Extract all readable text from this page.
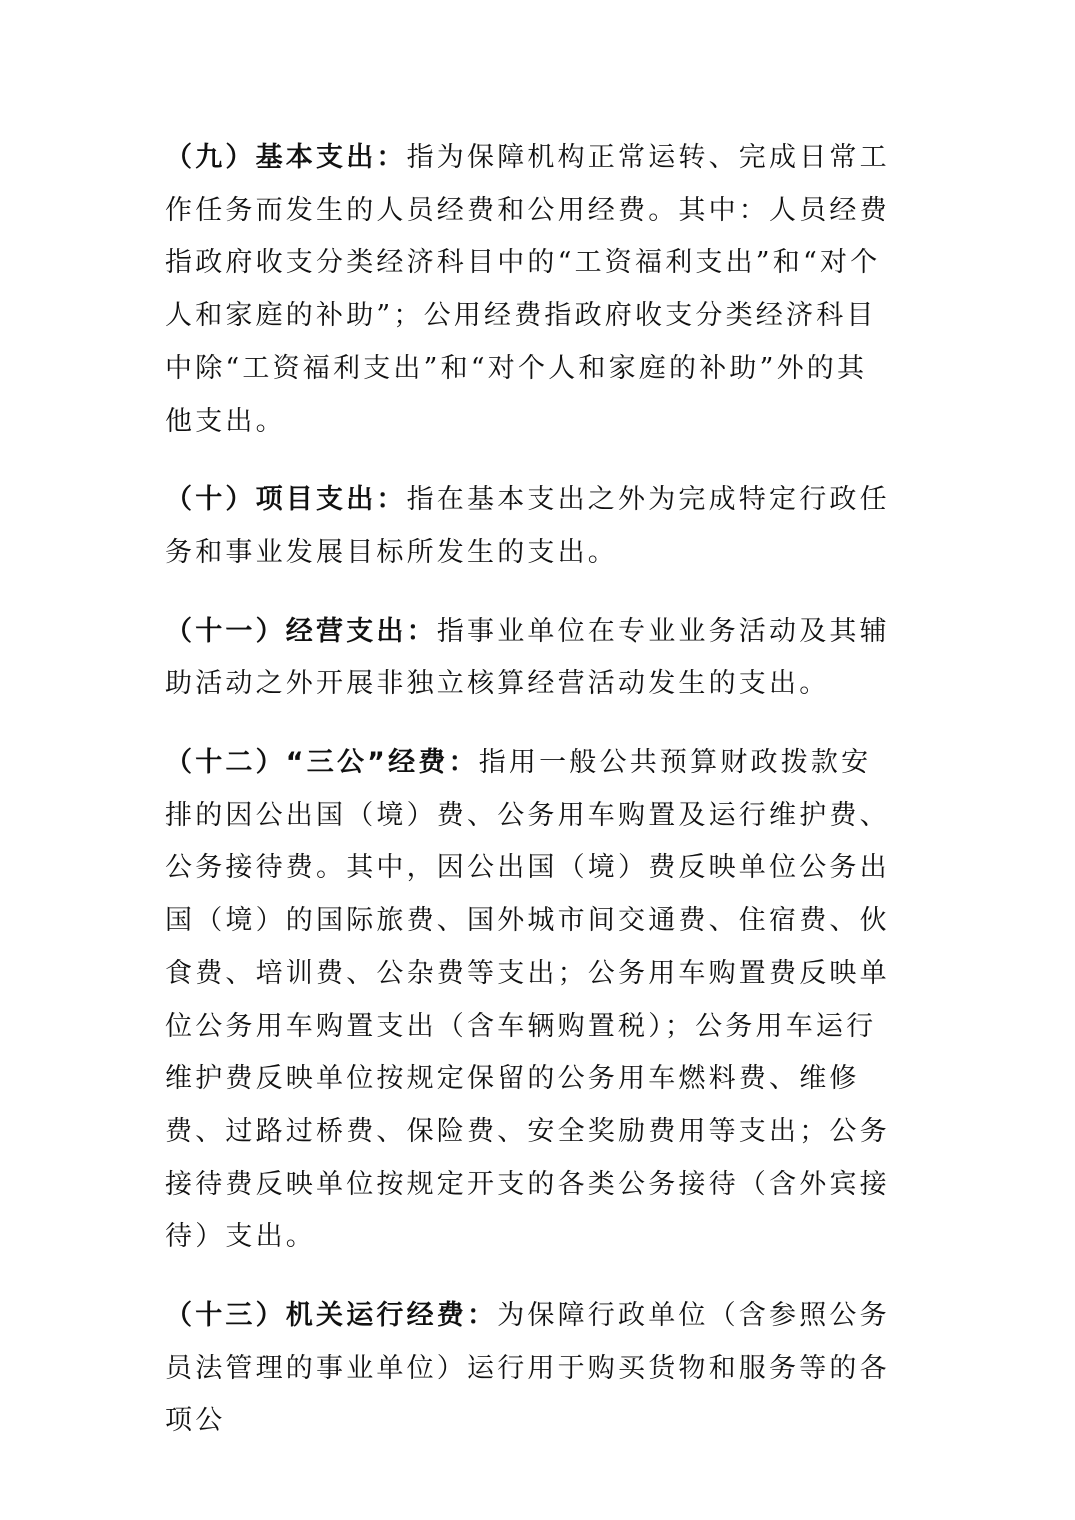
（九）基本支出：指为保障机构正常运转、完成日常工作任务而发生的人员经费和公用经费。其中：人员经费指政府收支分类经济科目中的“工资福利支出”和“对个人和家庭的补助”；公用经费指政府收支分类经济科目中除“工资福利支出”和“对个人和家庭的补助”外的其他支出。

（十）项目支出：指在基本支出之外为完成特定行政任务和事业发展目标所发生的支出。

（十一）经营支出：指事业单位在专业业务活动及其辅助活动之外开展非独立核算经营活动发生的支出。

（十二）“三公”经费：指用一般公共预算财政拨款安排的因公出国（境）费、公务用车购置及运行维护费、公务接待费。其中，因公出国（境）费反映单位公务出国（境）的国际旅费、国外城市间交通费、住宿费、伙食费、培训费、公杂费等支出；公务用车购置费反映单位公务用车购置支出（含车辆购置税）；公务用车运行维护费反映单位按规定保留的公务用车燃料费、维修费、过路过桥费、保险费、安全奖励费用等支出；公务接待费反映单位按规定开支的各类公务接待（含外宾接待）支出。

（十三）机关运行经费：为保障行政单位（含参照公务员法管理的事业单位）运行用于购买货物和服务等的各项公
